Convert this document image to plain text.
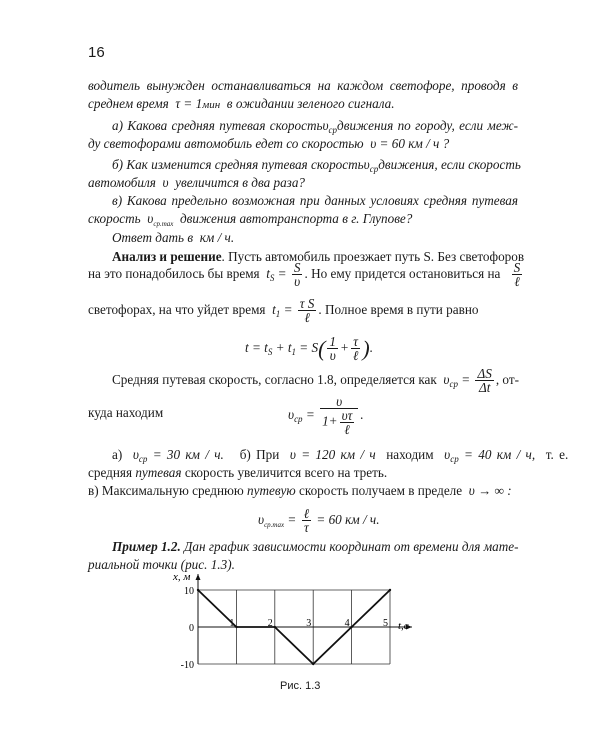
16
водитель вынужден останавливаться на каждом светофоре, проводя в
среднем время τ = 1мин в ожидании зеленого сигнала.
а) Какова средняя путевая скоростьυ$_{ср}$движения по городу, если меж-
ду светофорами автомобиль едет со скоростью υ = 60 км / ч ?
б) Как изменится средняя путевая скоростьυ$_{ср}$движения, если скорость
автомобиля υ увеличится в два раза?
в) Какова предельно возможная при данных условиях средняя путевая
скорость $\upsilon_{ср.max}$ движения автотранспорта в г. Глупове?
Ответ дать в км / ч.
Анализ и решение. Пусть автомобиль проезжает путь S. Без светофоров
на это понадобилось бы время $t_S = \frac{S}{\upsilon}$ . Но ему придется остановиться на S
ℓ
светофорах, на что уйдет время $t_1 = \tau$ S
ℓ
. Полное время в пути равно
$t = t_S + t_1 = S( \frac{1}{\upsilon} + \tau$
ℓ ).
Средняя путевая скорость, согласно 1.8, определяется как $\upsilon_{ср} = \frac{\Delta S}{\Delta t}$ , от-
куда находим	$\upsilon_{ср}$ =
υ
1+ υτ
ℓ
.
а) $\upsilon_{ср} = 30$ км / ч. б) При υ = 120 км / ч находим $\upsilon_{ср} = 40$ км / ч, т. е.
средняя путевая скорость увеличится всего на треть.
в) Максимальную среднюю путевую скорость получаем в пределе υ → ∞ :
$\upsilon_{ср.max}$ = ℓ
τ
= 60 км / ч.
Пример 1.2. Дан график зависимости координат от времени для мате-
риальной точки (рис. 1.3).
x, м
t,c
1	2	3	4	5
10
0
-10
Рис. 1.3
